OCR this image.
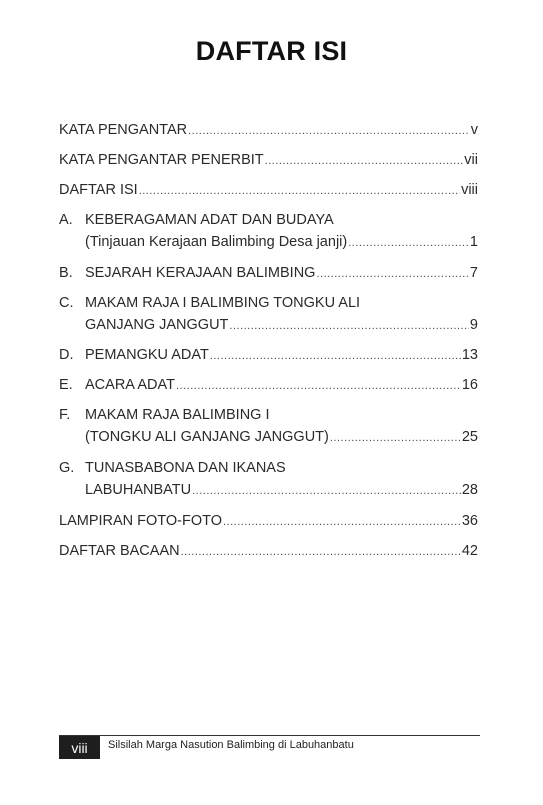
DAFTAR ISI
KATA PENGANTAR .....	v
KATA PENGANTAR PENERBIT .....	vii
DAFTAR ISI .....	viii
A. KEBERAGAMAN ADAT DAN BUDAYA
(Tinjauan Kerajaan Balimbing Desa janji) .....	1
B. SEJARAH KERAJAAN BALIMBING .....	7
C. MAKAM RAJA I BALIMBING TONGKU ALI
GANJANG JANGGUT .....	9
D. PEMANGKU ADAT .....	13
E. ACARA ADAT .....	16
F.	MAKAM RAJA BALIMBING I
(TONGKU ALI GANJANG JANGGUT) .....	25
G. TUNASBABONA DAN IKANAS
LABUHANBATU .....	28
LAMPIRAN FOTO-FOTO .....	36
DAFTAR BACAAN .....	42
viii	Silsilah Marga Nasution Balimbing di Labuhanbatu
